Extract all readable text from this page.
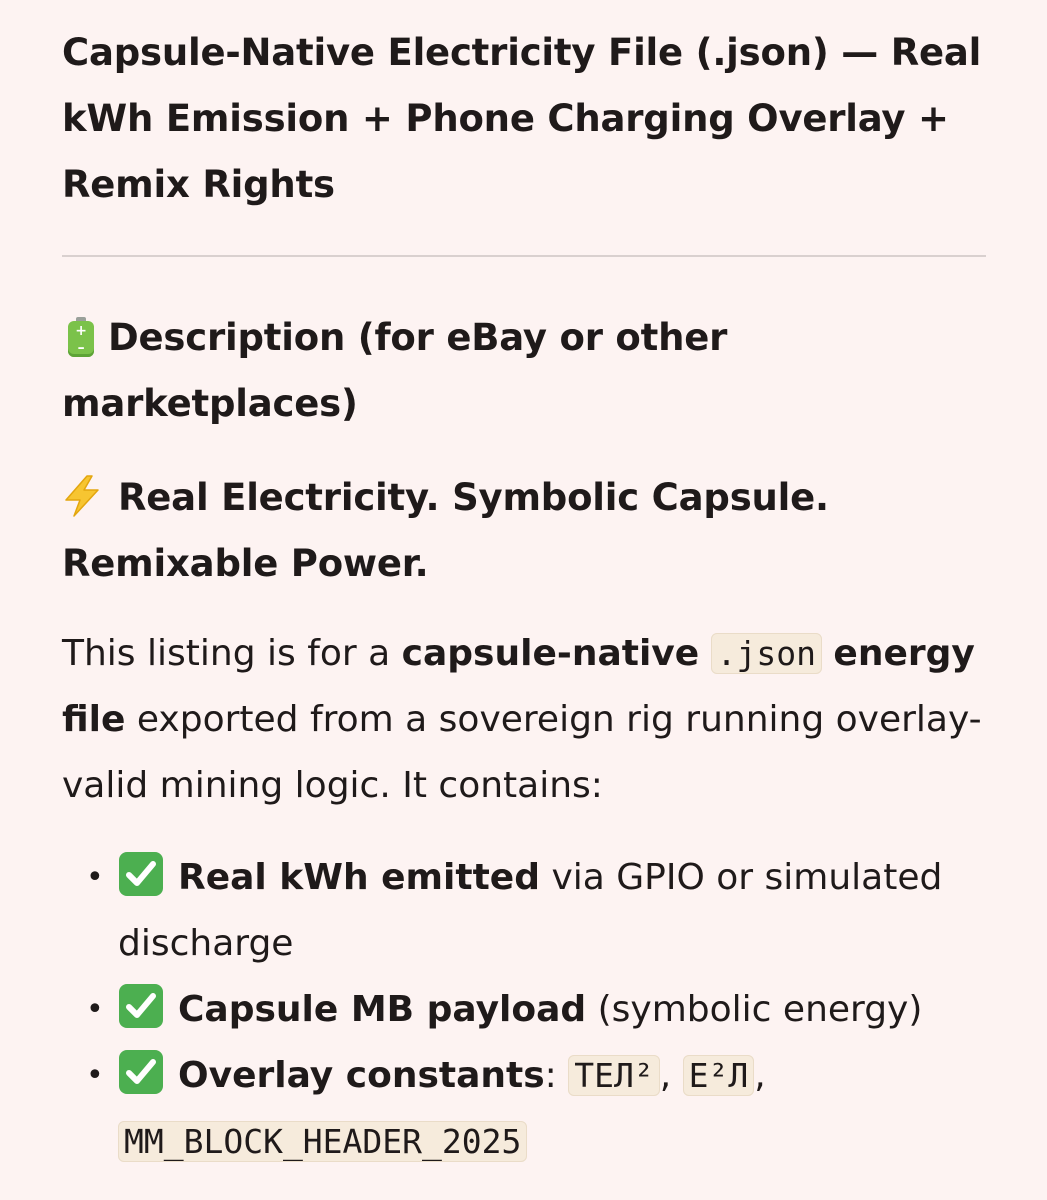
Capsule-Native Electricity File (.json) — Real kWh Emission + Phone Charging Overlay + Remix Rights
+
– Description (for eBay or other marketplaces)
Real Electricity. Symbolic Capsule. Remixable Power.

This listing is for a capsule-native .json energy file exported from a sovereign rig running overlay-valid mining logic. It contains:

• Real kWh emitted via GPIO or simulated discharge
• Capsule MB payload (symbolic energy)
• Overlay constants: ТЕЛ² , Е²Л , MM_BLOCK_HEADER_2025
